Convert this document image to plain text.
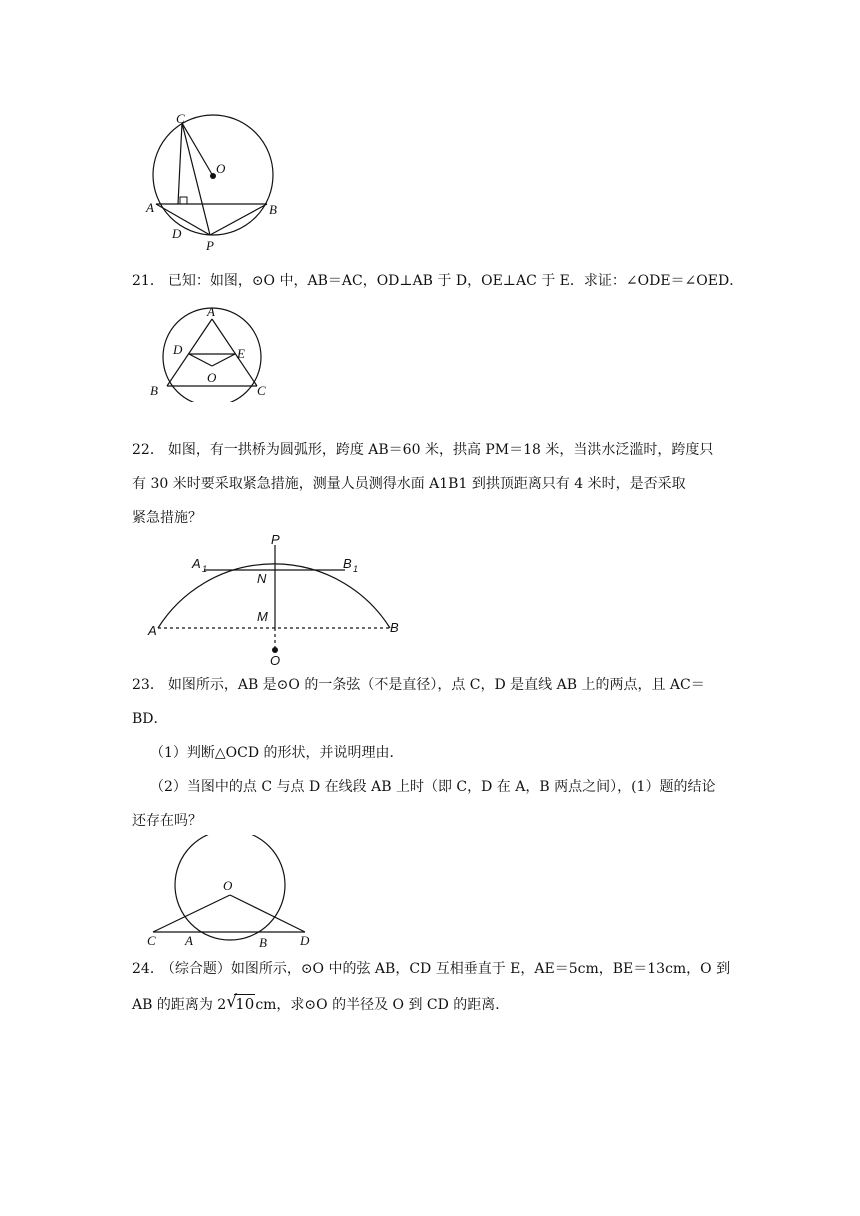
C
O
A	B
D
P
21． 已知：如图，⊙O 中，AB＝AC，OD⊥AB 于 D，OE⊥AC 于 E．求证：∠ODE＝∠OED．
A
D	E
O
B	C
22． 如图，有一拱桥为圆弧形，跨度 AB＝60 米，拱高 PM＝18 米，当洪水泛滥时，跨度只
有 30 米时要采取紧急措施，测量人员测得水面 A1B1 到拱顶距离只有 4 米时，是否采取
紧急措施？
P
A 1	B 1
N
M
A	B
O
23． 如图所示，AB 是⊙O 的一条弦（不是直径），点 C，D 是直线 AB 上的两点，且 AC＝
BD．
（1）判断△OCD 的形状，并说明理由．
（2）当图中的点 C 与点 D 在线段 AB 上时（即 C，D 在 A，B 两点之间），(1）题的结论
还存在吗？
O
C A	B	D
24． （综合题）如图所示，⊙O 中的弦 AB，CD 互相垂直于 E，AE＝5cm，BE＝13cm，O 到
AB 的距离为 2 √
10cm，求⊙O 的半径及 O 到 CD 的距离．
